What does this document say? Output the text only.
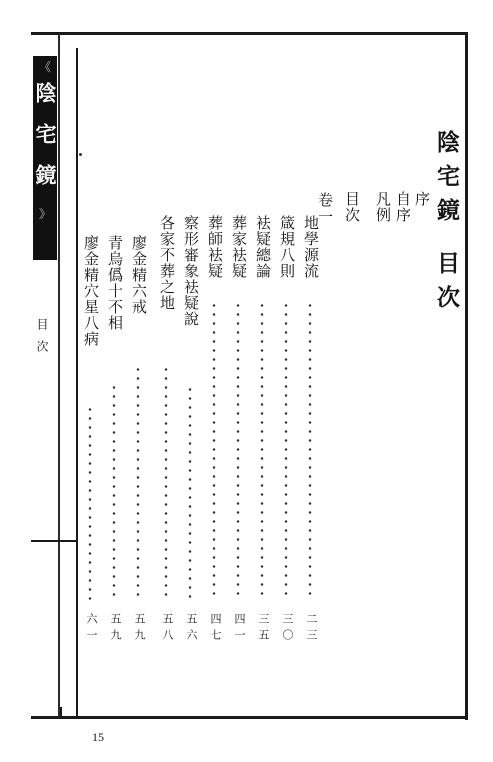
《
陰宅鏡
》
目次
陰宅鏡 目次
序
自序
凡例
目次
卷一
地學源流
二三
箴規八則
三〇
袪疑總論
三五
葬家袪疑
四一
葬師袪疑
四七
察形審象袪疑說
五六
各家不葬之地
五八
廖金精六戒
五九
青烏僞十不相
五九
廖金精穴星八病
六一
15
